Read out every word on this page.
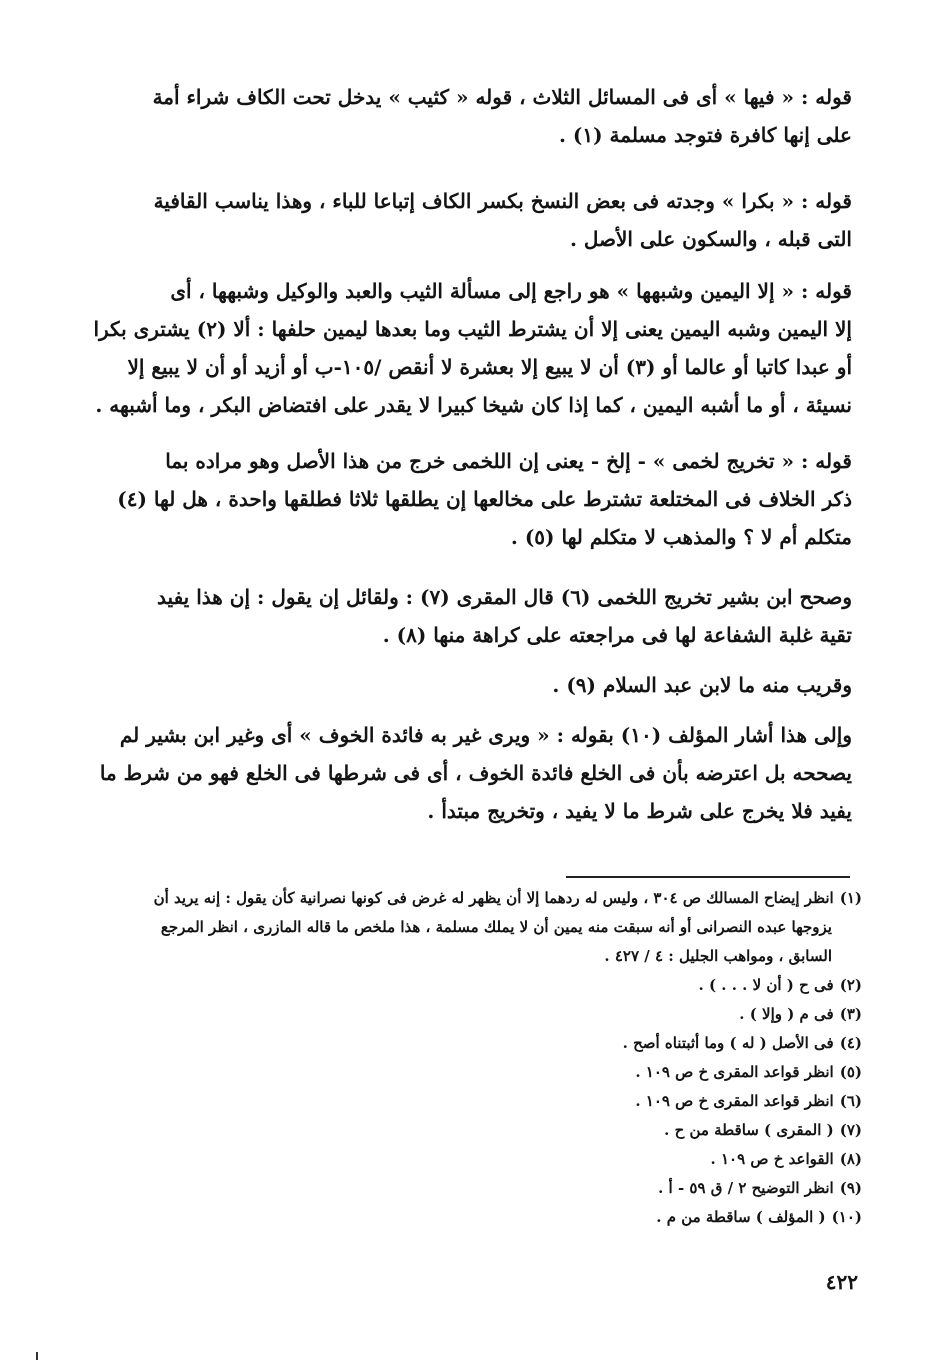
قوله : « فيها » أى فى المسائل الثلاث ، قوله « كثيب » يدخل تحت الكاف شراء أمة
على إنها كافرة فتوجد مسلمة (١) .
قوله : « بكرا » وجدته فى بعض النسخ بكسر الكاف إتباعا للباء ، وهذا يناسب القافية
التى قبله ، والسكون على الأصل .
قوله : « إلا اليمين وشبهها » هو راجع إلى مسألة الثيب والعبد والوكيل وشبهها ، أى
إلا اليمين وشبه اليمين يعنى إلا أن يشترط الثيب وما بعدها ليمين حلفها : ألا (٢) يشترى بكرا
أو عبدا كاتبا أو عالما أو (٣) أن لا يبيع إلا بعشرة لا أنقص /١٠٥-ب أو أزيد أو أن لا يبيع إلا
نسيئة ، أو ما أشبه اليمين ، كما إذا كان شيخا كبيرا لا يقدر على افتضاض البكر ، وما أشبهه .
قوله : « تخريج لخمى » - إلخ - يعنى إن اللخمى خرج من هذا الأصل وهو مراده بما
ذكر الخلاف فى المختلعة تشترط على مخالعها إن يطلقها ثلاثا فطلقها واحدة ، هل لها (٤)
متكلم أم لا ؟ والمذهب لا متكلم لها (٥) .
وصحح ابن بشير تخريج اللخمى (٦) قال المقرى (٧) : ولقائل إن يقول : إن هذا يفيد
تقية غلبة الشفاعة لها فى مراجعته على كراهة منها (٨) .
وقريب منه ما لابن عبد السلام (٩) .
وإلى هذا أشار المؤلف (١٠) بقوله : « ويرى غير به فائدة الخوف » أى وغير ابن بشير لم
يصححه بل اعترضه بأن فى الخلع فائدة الخوف ، أى فى شرطها فى الخلع فهو من شرط ما
يفيد فلا يخرج على شرط ما لا يفيد ، وتخريج مبتدأ .
(١)انظر إيضاح المسالك ص ٣٠٤ ، وليس له ردهما إلا أن يظهر له غرض فى كونها نصرانية كأن يقول : إنه يريد أن
يزوجها عبده النصرانى أو أنه سبقت منه يمين أن لا يملك مسلمة ، هذا ملخص ما قاله المازرى ، انظر المرجع
السابق ، ومواهب الجليل : ٤ / ٤٢٧ .
(٢)فى ح ( أن لا . . . ) .
(٣)فى م ( وإلا ) .
(٤)فى الأصل ( له ) وما أثبتناه أصح .
(٥)انظر قواعد المقرى خ ص ١٠٩ .
(٦)انظر قواعد المقرى خ ص ١٠٩ .
(٧)( المقرى ) ساقطة من ح .
(٨)القواعد خ ص ١٠٩ .
(٩)انظر التوضيح ٢ / ق ٥٩ - أ .
(١٠)( المؤلف ) ساقطة من م .
٤٢٢
